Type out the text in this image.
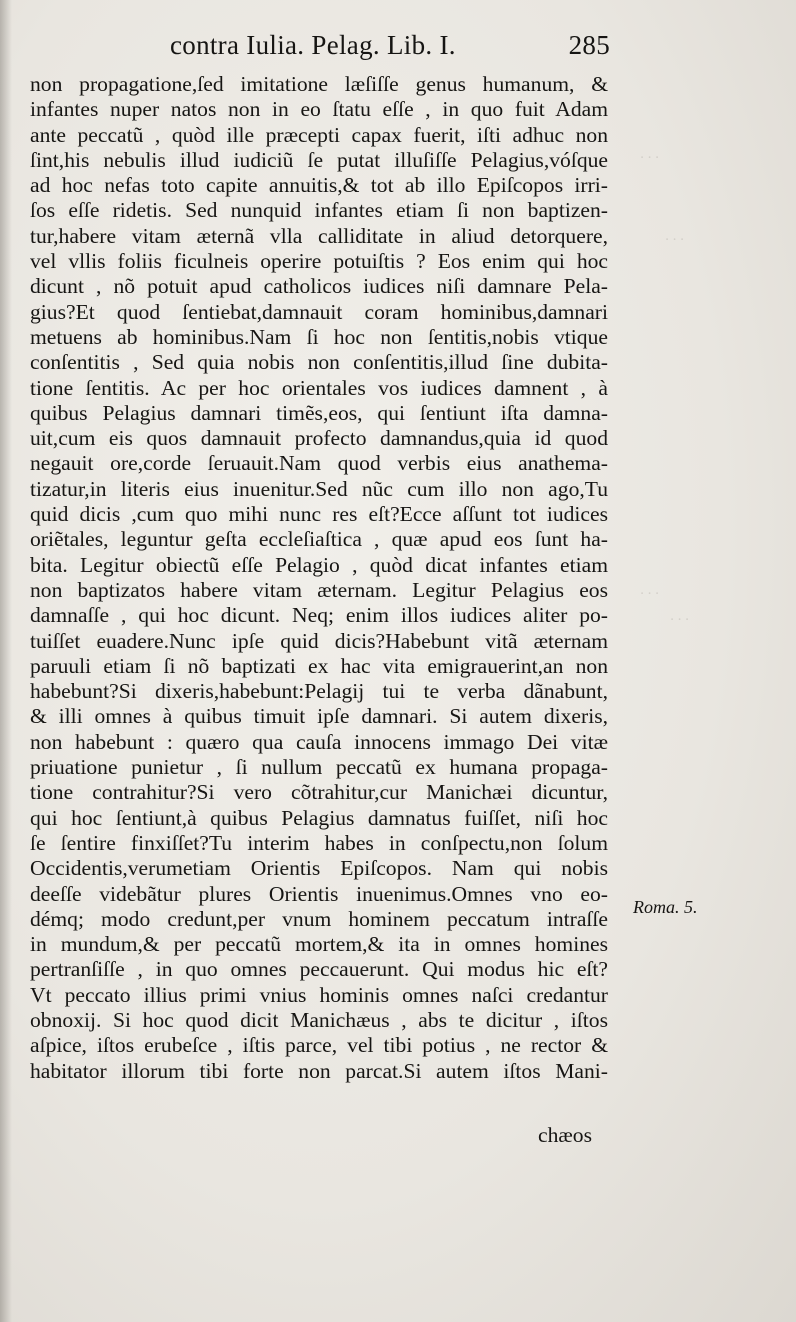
· · ·
· · ·
· · ·
· · ·
contra Iulia. Pelag. Lib. I.	285
non propagatione,ſed imitatione læſiſſe genus humanum, &
infantes nuper natos non in eo ſtatu eſſe , in quo fuit Adam
ante peccatũ , quòd ille præcepti capax fuerit, iſti adhuc non
ſint,his nebulis illud iudiciũ ſe putat illuſiſſe Pelagius,vóſque
ad hoc nefas toto capite annuitis,& tot ab illo Epiſcopos irri-
ſos eſſe ridetis. Sed nunquid infantes etiam ſi non baptizen-
tur,habere vitam æternã vlla calliditate in aliud detorquere,
vel vllis foliis ficulneis operire potuiſtis ? Eos enim qui hoc
dicunt , nõ potuit apud catholicos iudices niſi damnare Pela-
gius?Et quod ſentiebat,damnauit coram hominibus,damnari
metuens ab hominibus.Nam ſi hoc non ſentitis,nobis vtique
conſentitis , Sed quia nobis non conſentitis,illud ſine dubita-
tione ſentitis. Ac per hoc orientales vos iudices damnent , à
quibus Pelagius damnari timẽs,eos, qui ſentiunt iſta damna-
uit,cum eis quos damnauit profecto damnandus,quia id quod
negauit ore,corde ſeruauit.Nam quod verbis eius anathema-
tizatur,in literis eius inuenitur.Sed nũc cum illo non ago,Tu
quid dicis ,cum quo mihi nunc res eſt?Ecce aſſunt tot iudices
oriẽtales, leguntur geſta eccleſiaſtica , quæ apud eos ſunt ha-
bita. Legitur obiectũ eſſe Pelagio , quòd dicat infantes etiam
non baptizatos habere vitam æternam. Legitur Pelagius eos
damnaſſe , qui hoc dicunt. Neq; enim illos iudices aliter po-
tuiſſet euadere.Nunc ipſe quid dicis?Habebunt vitã æternam
paruuli etiam ſi nõ baptizati ex hac vita emigrauerint,an non
habebunt?Si dixeris,habebunt:Pelagij tui te verba dãnabunt,
& illi omnes à quibus timuit ipſe damnari. Si autem dixeris,
non habebunt : quæro qua cauſa innocens immago Dei vitæ
priuatione punietur , ſi nullum peccatũ ex humana propaga-
tione contrahitur?Si vero cõtrahitur,cur Manichæi dicuntur,
qui hoc ſentiunt,à quibus Pelagius damnatus fuiſſet, niſi hoc
ſe ſentire finxiſſet?Tu interim habes in conſpectu,non ſolum
Occidentis,verumetiam Orientis Epiſcopos. Nam qui nobis
deeſſe videbãtur plures Orientis inuenimus.Omnes vno eo-
démq; modo credunt,per vnum hominem peccatum intraſſe
in mundum,& per peccatũ mortem,& ita in omnes homines
pertranſiſſe , in quo omnes peccauerunt. Qui modus hic eſt?
Vt peccato illius primi vnius hominis omnes naſci credantur
obnoxij. Si hoc quod dicit Manichæus , abs te dicitur , iſtos
aſpice, iſtos erubeſce , iſtis parce, vel tibi potius , ne rector &
habitator illorum tibi forte non parcat.Si autem iſtos Mani-
chæos
Roma. 5.
